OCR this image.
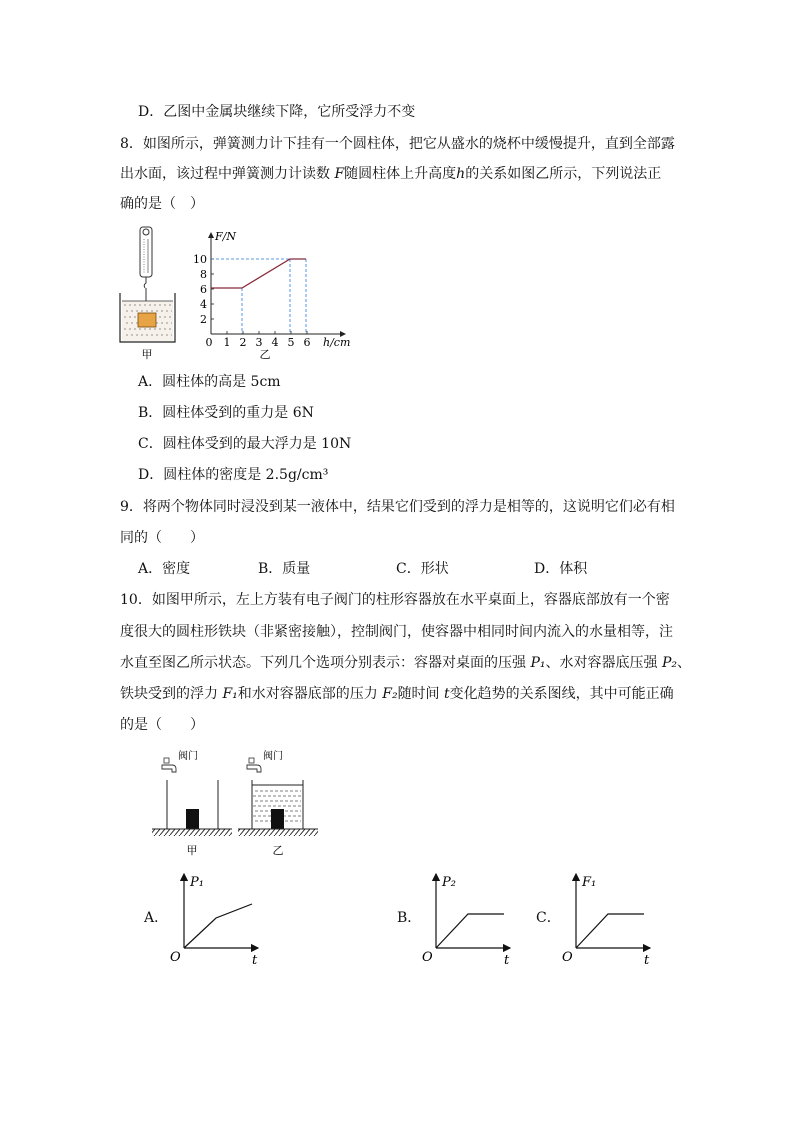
D．乙图中金属块继续下降，它所受浮力不变
8．如图所示，弹簧测力计下挂有一个圆柱体，把它从盛水的烧杯中缓慢提升，直到全部露
出水面，该过程中弹簧测力计读数 F随圆柱体上升高度h的关系如图乙所示，下列说法正
确的是（　）
甲
F/N
h/cm
2
4
6
8
10
0 1 2 3 4 5 6
乙
A．圆柱体的高是 5cm
B．圆柱体受到的重力是 6N
C．圆柱体受到的最大浮力是 10N
D．圆柱体的密度是 2.5g/cm³
9．将两个物体同时浸没到某一液体中，结果它们受到的浮力是相等的，这说明它们必有相
同的（　　）
A．密度	B．质量	C．形状	D．体积
10．如图甲所示，左上方装有电子阀门的柱形容器放在水平桌面上，容器底部放有一个密
度很大的圆柱形铁块（非紧密接触），控制阀门，使容器中相同时间内流入的水量相等，注
水直至图乙所示状态。下列几个选项分别表示：容器对桌面的压强 P₁、水对容器底压强 P₂、
铁块受到的浮力 F₁和水对容器底部的压力 F₂随时间 t变化趋势的关系图线，其中可能正确
的是（　　）
阀门
甲
阀门
乙
A．
P₁
O	t
B．
P₂
O	t
C．
F₁
O	t
